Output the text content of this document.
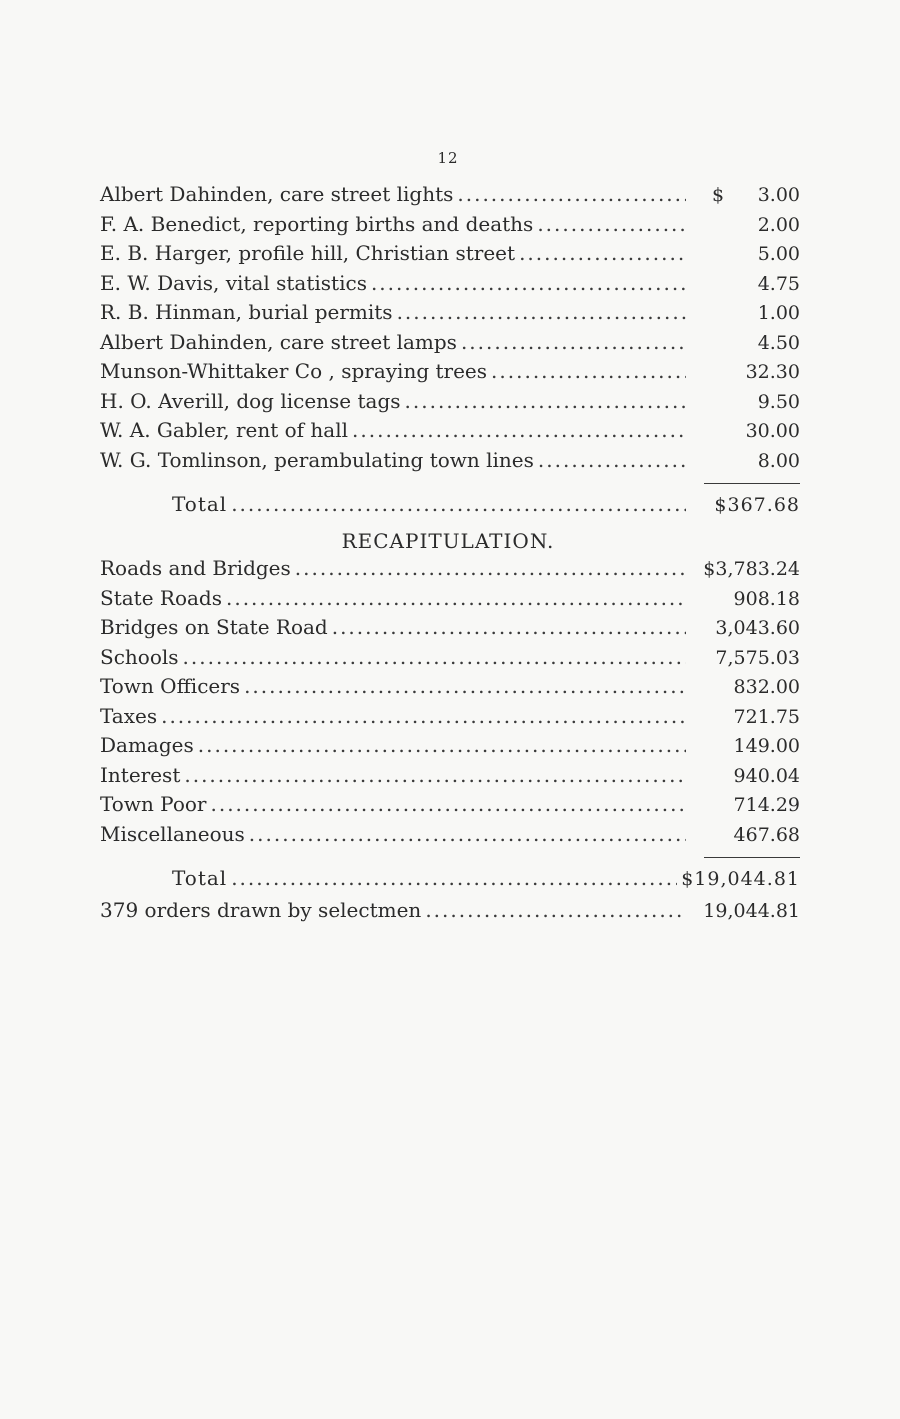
12
Albert Dahinden, care street lights .....	$ 3.00
F. A. Benedict, reporting births and deaths .....	2.00
E. B. Harger, profile hill, Christian street .....	5.00
E. W. Davis, vital statistics .....	4.75
R. B. Hinman, burial permits .....	1.00
Albert Dahinden, care street lamps .....	4.50
Munson-Whittaker Co , spraying trees .....	32.30
H. O. Averill, dog license tags .....	9.50
W. A. Gabler, rent of hall .....	30.00
W. G. Tomlinson, perambulating town lines .....	8.00
Total .....	$367.68
RECAPITULATION.
Roads and Bridges .....	$3,783.24
State Roads .....	908.18
Bridges on State Road .....	3,043.60
Schools .....	7,575.03
Town Officers .....	832.00
Taxes .....	721.75
Damages .....	149.00
Interest .....	940.04
Town Poor .....	714.29
Miscellaneous .....	467.68
Total .....	$19,044.81
379 orders drawn by selectmen .....	19,044.81
